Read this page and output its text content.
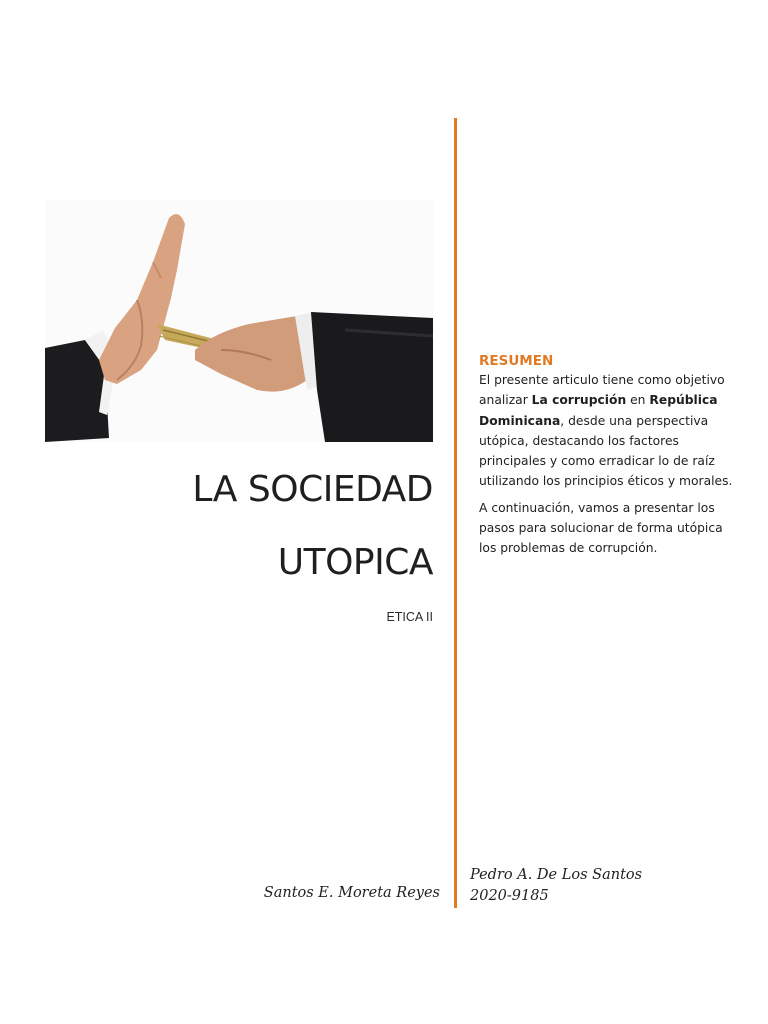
LA SOCIEDAD
UTOPICA
ETICA II
RESUMEN

El presente articulo tiene como objetivo analizar La corrupción en República Dominicana, desde una perspectiva utópica, destacando los factores principales y como erradicar lo de raíz utilizando los principios éticos y morales.

A continuación, vamos a presentar los pasos para solucionar de forma utópica los problemas de corrupción.

Santos E. Moreta Reyes
Pedro A. De Los Santos
2020-9185
